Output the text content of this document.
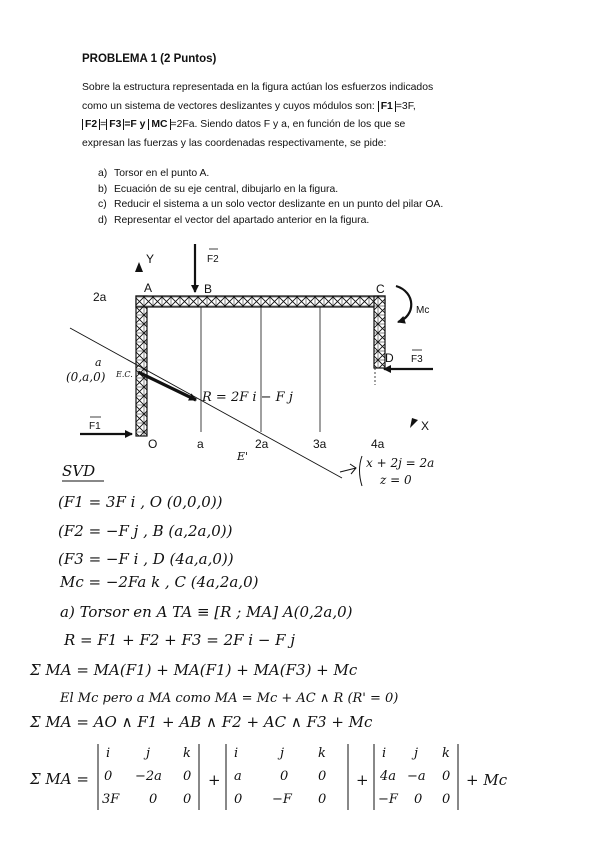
PROBLEMA 1 (2 Puntos)
Sobre la estructura representada en la figura actúan los esfuerzos indicados
como un sistema de vectores deslizantes y cuyos módulos son: F1 =3F,
F2 = F3 =F y MC =2Fa. Siendo datos F y a, en función de los que se
expresan las fuerzas y las coordenadas respectivamente, se pide:
a) Torsor en el punto A.
b) Ecuación de su eje central, dibujarlo en la figura.
c) Reducir el sistema a un solo vector deslizante en un punto del pilar OA.
d) Representar el vector del apartado anterior en la figura.
Y
X
2a
A	B	C
D
O	a	2a	3a	4a
F2
F3
F1
Mc
a
(0,a,0) E.C.
R = 2F i − F j
E'	x + 2j = 2a
z = 0
SVD
(F1 = 3F i , O (0,0,0))
(F2 = −F j , B (a,2a,0))
(F3 = −F i , D (4a,a,0))
Mc = −2Fa k , C (4a,2a,0)
a) Torsor en A TA ≡ [R ; MA] A(0,2a,0)
R = F1 + F2 + F3 = 2F i − F j
Σ MA = MA(F1) + MA(F1) + MA(F3) + Mc
El Mc pero a MA como MA = Mc + AC ∧ R (R' = 0)
Σ MA = AO ∧ F1 + AB ∧ F2 + AC ∧ F3 + Mc
Σ MA =
i	j	k
0 −2a 0
3F 0 0
+
i	j	k
a	0 0
0 −F 0
+
i j k
4a −a 0
−F 0 0
+ Mc
